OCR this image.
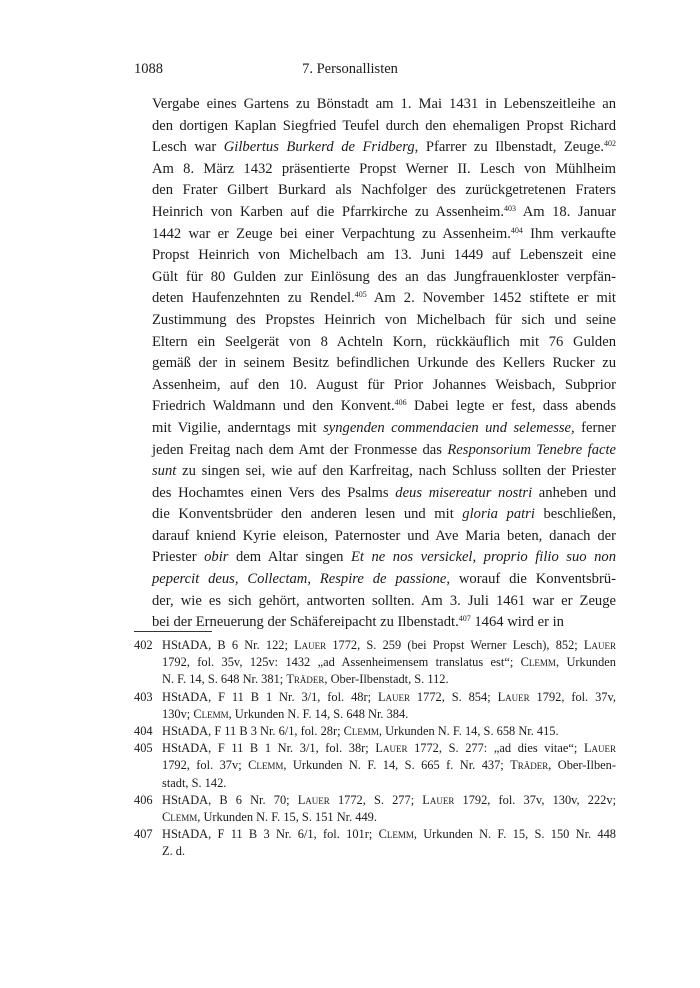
1088	7. Personallisten
Vergabe eines Gartens zu Bönstadt am 1. Mai 1431 in Lebenszeitleihe an
den dortigen Kaplan Siegfried Teufel durch den ehemaligen Propst Richard
Lesch war Gilbertus Burkerd de Fridberg, Pfarrer zu Ilbenstadt, Zeuge.$^{402}$
Am 8. März 1432 präsentierte Propst Werner II. Lesch von Mühlheim
den Frater Gilbert Burkard als Nachfolger des zurückgetretenen Fraters
Heinrich von Karben auf die Pfarrkirche zu Assenheim.$^{403}$ Am 18. Januar
1442 war er Zeuge bei einer Verpachtung zu Assenheim.$^{404}$ Ihm verkaufte
Propst Heinrich von Michelbach am 13. Juni 1449 auf Lebenszeit eine
Gült für 80 Gulden zur Einlösung des an das Jungfrauenkloster verpfän-
deten Haufenzehnten zu Rendel.$^{405}$ Am 2. November 1452 stiftete er mit
Zustimmung des Propstes Heinrich von Michelbach für sich und seine
Eltern ein Seelgerät von 8 Achteln Korn, rückkäuflich mit 76 Gulden
gemäß der in seinem Besitz befindlichen Urkunde des Kellers Rucker zu
Assenheim, auf den 10. August für Prior Johannes Weisbach, Subprior
Friedrich Waldmann und den Konvent.$^{406}$ Dabei legte er fest, dass abends
mit Vigilie, anderntags mit syngenden commendacien und selemesse, ferner
jeden Freitag nach dem Amt der Fronmesse das Responsorium Tenebre facte
sunt zu singen sei, wie auf den Karfreitag, nach Schluss sollten der Priester
des Hochamtes einen Vers des Psalms deus misereatur nostri anheben und
die Konventsbrüder den anderen lesen und mit gloria patri beschließen,
darauf kniend Kyrie eleison, Paternoster und Ave Maria beten, danach der
Priester obir dem Altar singen Et ne nos versickel, proprio filio suo non
pepercit deus, Collectam, Respire de passione, worauf die Konventsbrü-
der, wie es sich gehört, antworten sollten. Am 3. Juli 1461 war er Zeuge
bei der Erneuerung der Schäfereipacht zu Ilbenstadt.$^{407}$ 1464 wird er in
402 HStADA, B 6 Nr. 122; Lauer 1772, S. 259 (bei Propst Werner Lesch), 852; Lauer
1792, fol. 35v, 125v: 1432 „ad Assenheimensem translatus est“; Clemm, Urkunden
N. F. 14, S. 648 Nr. 381; Träder, Ober-Ilbenstadt, S. 112.
403 HStADA, F 11 B 1 Nr. 3/1, fol. 48r; Lauer 1772, S. 854; Lauer 1792, fol. 37v,
130v; Clemm, Urkunden N. F. 14, S. 648 Nr. 384.
404 HStADA, F 11 B 3 Nr. 6/1, fol. 28r; Clemm, Urkunden N. F. 14, S. 658 Nr. 415.
405 HStADA, F 11 B 1 Nr. 3/1, fol. 38r; Lauer 1772, S. 277: „ad dies vitae“; Lauer
1792, fol. 37v; Clemm, Urkunden N. F. 14, S. 665 f. Nr. 437; Träder, Ober-Ilben-
stadt, S. 142.
406 HStADA, B 6 Nr. 70; Lauer 1772, S. 277; Lauer 1792, fol. 37v, 130v, 222v;
Clemm, Urkunden N. F. 15, S. 151 Nr. 449.
407 HStADA, F 11 B 3 Nr. 6/1, fol. 101r; Clemm, Urkunden N. F. 15, S. 150 Nr. 448
Z. d.
